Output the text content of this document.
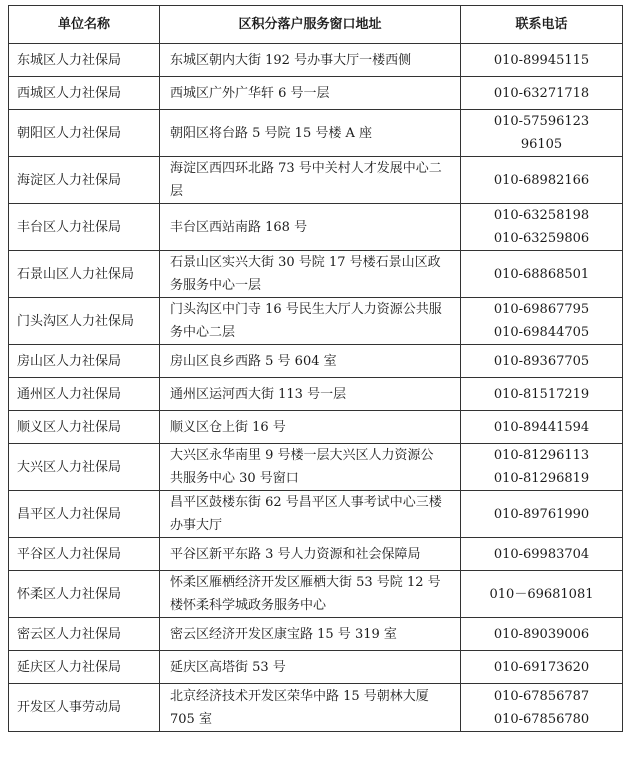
单位名称	区积分落户服务窗口地址	联系电话
东城区人力社保局	东城区朝内大街 192 号办事大厅一楼西侧	010-89945115

西城区人力社保局	西城区广外广华轩 6 号一层	010-63271718

朝阳区人力社保局	朝阳区将台路 5 号院 15 号楼 A 座	010-57596123
96105

海淀区人力社保局	海淀区西四环北路 73 号中关村人才发展中心二
层	010-68982166

丰台区人力社保局	丰台区西站南路 168 号	010-63258198
010-63259806

石景山区人力社保局	石景山区实兴大街 30 号院 17 号楼石景山区政
务服务中心一层	010-68868501

门头沟区人力社保局	门头沟区中门寺 16 号民生大厅人力资源公共服
务中心二层	010-69867795
010-69844705

房山区人力社保局	房山区良乡西路 5 号 604 室	010-89367705

通州区人力社保局	通州区运河西大街 113 号一层	010-81517219

顺义区人力社保局	顺义区仓上街 16 号	010-89441594

大兴区人力社保局	大兴区永华南里 9 号楼一层大兴区人力资源公
共服务中心 30 号窗口	010-81296113
010-81296819

昌平区人力社保局	昌平区鼓楼东街 62 号昌平区人事考试中心三楼
办事大厅	010-89761990

平谷区人力社保局	平谷区新平东路 3 号人力资源和社会保障局	010-69983704

怀柔区人力社保局	怀柔区雁栖经济开发区雁栖大街 53 号院 12 号
楼怀柔科学城政务服务中心	010－69681081

密云区人力社保局	密云区经济开发区康宝路 15 号 319 室	010-89039006

延庆区人力社保局	延庆区高塔街 53 号	010-69173620

开发区人事劳动局	北京经济技术开发区荣华中路 15 号朝林大厦
705 室	010-67856787
010-67856780
